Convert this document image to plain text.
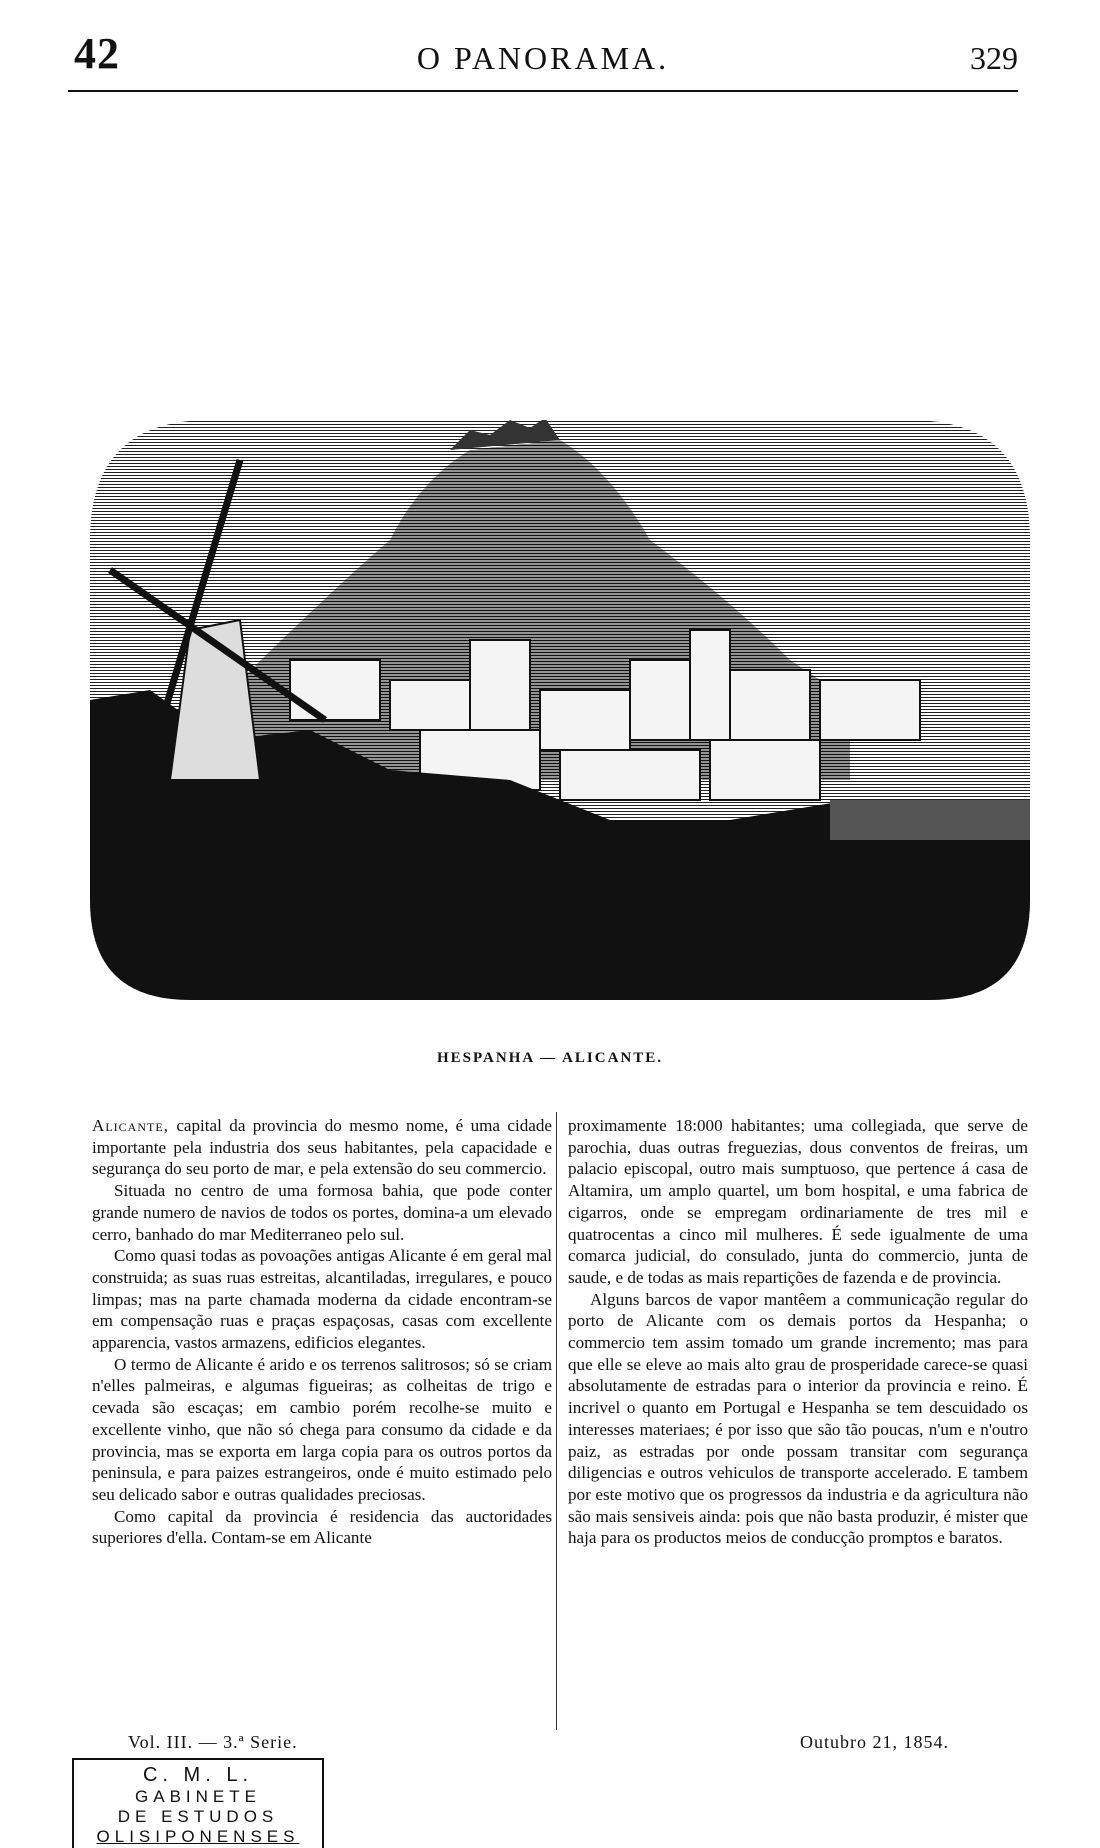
42	O PANORAMA.	329
HESPANHA — ALICANTE.

Alicante, capital da provincia do mesmo nome, é uma cidade importante pela industria dos seus habitantes, pela capacidade e segurança do seu porto de mar, e pela extensão do seu commercio.

Situada no centro de uma formosa bahia, que pode conter grande numero de navios de todos os portes, domina-a um elevado cerro, banhado do mar Mediterraneo pelo sul.

Como quasi todas as povoações antigas Alicante é em geral mal construida; as suas ruas estreitas, alcantiladas, irregulares, e pouco limpas; mas na parte chamada moderna da cidade encontram-se em compensação ruas e praças espaçosas, casas com excellente apparencia, vastos armazens, edificios elegantes.

O termo de Alicante é arido e os terrenos salitrosos; só se criam n'elles palmeiras, e algumas figueiras; as colheitas de trigo e cevada são escaças; em cambio porém recolhe-se muito e excellente vinho, que não só chega para consumo da cidade e da provincia, mas se exporta em larga copia para os outros portos da peninsula, e para paizes estrangeiros, onde é muito estimado pelo seu delicado sabor e outras qualidades preciosas.

Como capital da provincia é residencia das auctoridades superiores d'ella. Contam-se em Alicante

proximamente 18:000 habitantes; uma collegiada, que serve de parochia, duas outras freguezias, dous conventos de freiras, um palacio episcopal, outro mais sumptuoso, que pertence á casa de Altamira, um amplo quartel, um bom hospital, e uma fabrica de cigarros, onde se empregam ordinariamente de tres mil e quatrocentas a cinco mil mulheres. É sede igualmente de uma comarca judicial, do consulado, junta do commercio, junta de saude, e de todas as mais repartições de fazenda e de provincia.

Alguns barcos de vapor mantêem a communicação regular do porto de Alicante com os demais portos da Hespanha; o commercio tem assim tomado um grande incremento; mas para que elle se eleve ao mais alto grau de prosperidade carece-se quasi absolutamente de estradas para o interior da provincia e reino. É incrivel o quanto em Portugal e Hespanha se tem descuidado os interesses materiaes; é por isso que são tão poucas, n'um e n'outro paiz, as estradas por onde possam transitar com segurança diligencias e outros vehiculos de transporte accelerado. E tambem por este motivo que os progressos da industria e da agricultura não são mais sensiveis ainda: pois que não basta produzir, é mister que haja para os productos meios de conducção promptos e baratos.

Vol. III. — 3.ª Serie.	Outubro 21, 1854.
C. M. L.
GABINETE
DE ESTUDOS
OLISIPONENSES
